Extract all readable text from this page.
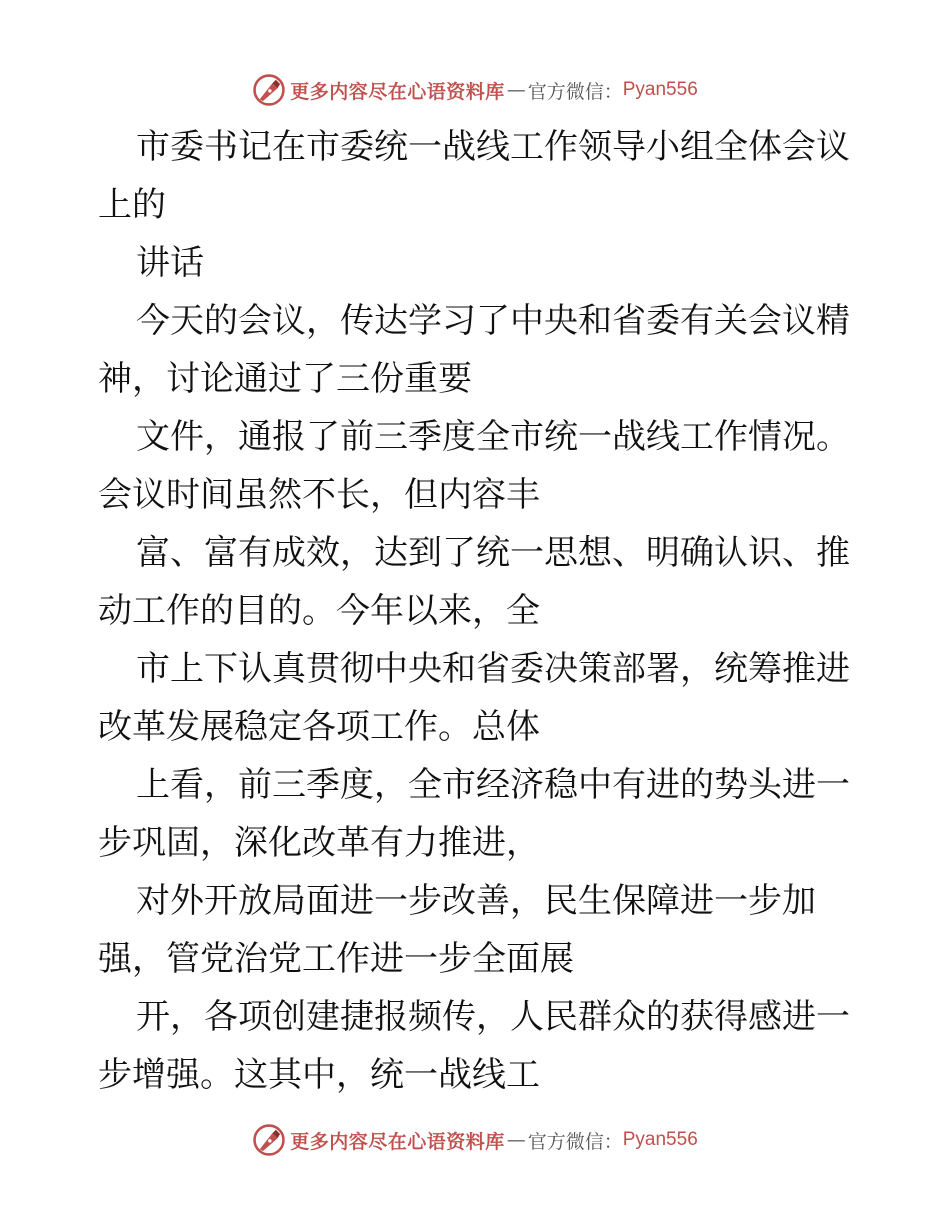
更多内容尽在心语资料库 — 官方微信： Pyan556
市委书记在市委统一战线工作领导小组全体会议
上的
讲话
今天的会议，传达学习了中央和省委有关会议精
神，讨论通过了三份重要
文件，通报了前三季度全市统一战线工作情况。
会议时间虽然不长，但内容丰
富、富有成效，达到了统一思想、明确认识、推
动工作的目的。今年以来，全
市上下认真贯彻中央和省委决策部署，统筹推进
改革发展稳定各项工作。总体
上看，前三季度，全市经济稳中有进的势头进一
步巩固，深化改革有力推进，
对外开放局面进一步改善，民生保障进一步加
强，管党治党工作进一步全面展
开，各项创建捷报频传，人民群众的获得感进一
步增强。这其中，统一战线工
更多内容尽在心语资料库 — 官方微信： Pyan556
